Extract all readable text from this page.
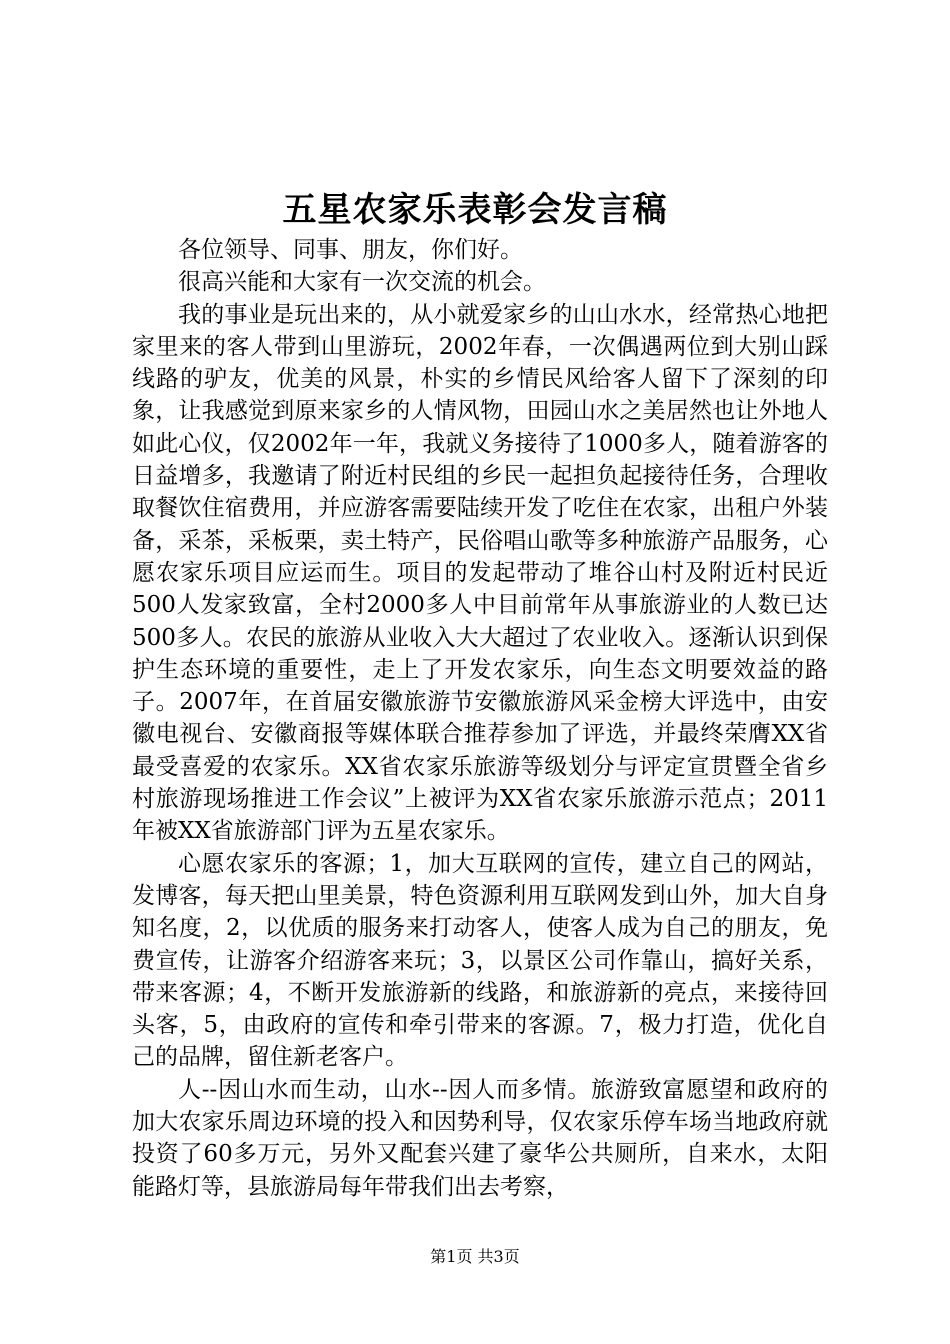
五星农家乐表彰会发言稿

各位领导、同事、朋友，你们好。

很高兴能和大家有一次交流的机会。

我的事业是玩出来的，从小就爱家乡的山山水水，经常热心地把家里来的客人带到山里游玩，2002年春，一次偶遇两位到大别山踩线路的驴友，优美的风景，朴实的乡情民风给客人留下了深刻的印象，让我感觉到原来家乡的人情风物，田园山水之美居然也让外地人如此心仪，仅2002年一年，我就义务接待了1000多人，随着游客的日益增多，我邀请了附近村民组的乡民一起担负起接待任务，合理收取餐饮住宿费用，并应游客需要陆续开发了吃住在农家，出租户外装备，采茶，采板栗，卖土特产，民俗唱山歌等多种旅游产品服务，心愿农家乐项目应运而生。项目的发起带动了堆谷山村及附近村民近500人发家致富，全村2000多人中目前常年从事旅游业的人数已达500多人。农民的旅游从业收入大大超过了农业收入。逐渐认识到保护生态环境的重要性，走上了开发农家乐，向生态文明要效益的路子。2007年，在首届安徽旅游节安徽旅游风采金榜大评选中，由安徽电视台、安徽商报等媒体联合推荐参加了评选，并最终荣膺XX省最受喜爱的农家乐。XX省农家乐旅游等级划分与评定宣贯暨全省乡村旅游现场推进工作会议”上被评为XX省农家乐旅游示范点；2011年被XX省旅游部门评为五星农家乐。

心愿农家乐的客源；1，加大互联网的宣传，建立自己的网站，发博客，每天把山里美景，特色资源利用互联网发到山外，加大自身知名度，2，以优质的服务来打动客人，使客人成为自己的朋友，免费宣传，让游客介绍游客来玩；3，以景区公司作靠山，搞好关系，带来客源；4，不断开发旅游新的线路，和旅游新的亮点，来接待回头客，5，由政府的宣传和牵引带来的客源。7，极力打造，优化自己的品牌，留住新老客户。

人--因山水而生动，山水--因人而多情。旅游致富愿望和政府的加大农家乐周边环境的投入和因势利导，仅农家乐停车场当地政府就投资了60多万元，另外又配套兴建了豪华公共厕所，自来水，太阳能路灯等，县旅游局每年带我们出去考察，

第1页 共3页
